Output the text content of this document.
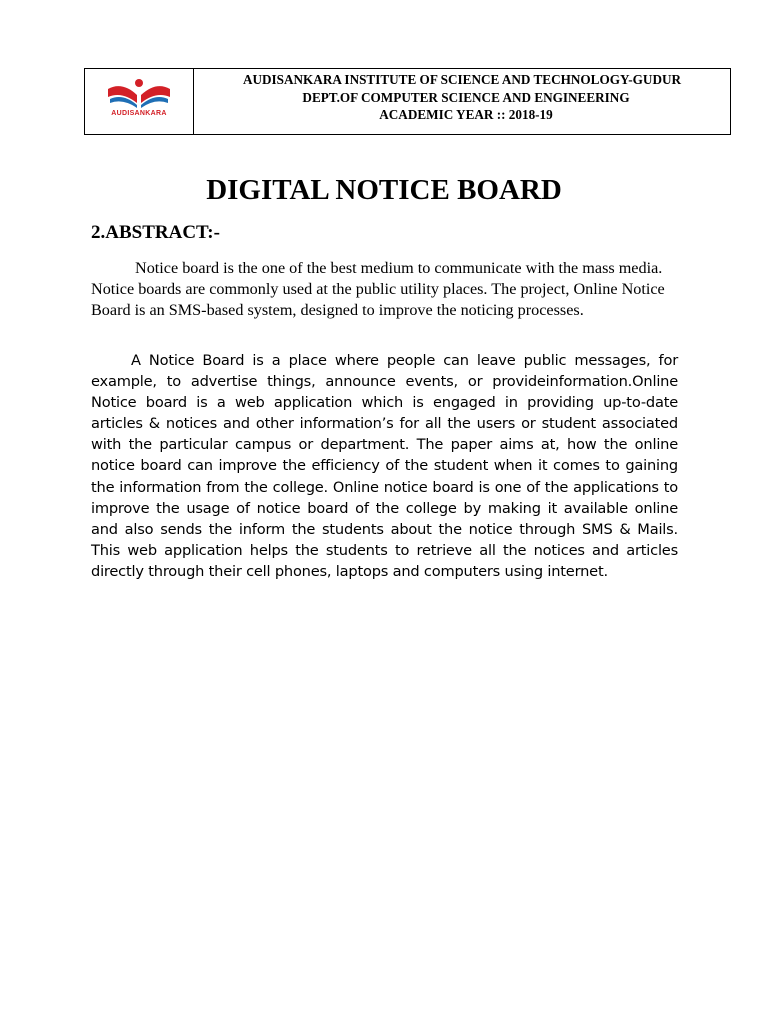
AUDISANKARA
AUDISANKARA INSTITUTE OF SCIENCE AND TECHNOLOGY-GUDUR
DEPT.OF COMPUTER SCIENCE AND ENGINEERING
ACADEMIC YEAR :: 2018-19
DIGITAL NOTICE BOARD
2.ABSTRACT:-

Notice board is the one of the best medium to communicate with the mass media. Notice boards are commonly used at the public utility places. The project, Online Notice Board is an SMS-based system, designed to improve the noticing processes.

A Notice Board is a place where people can leave public messages, for example, to advertise things, announce events, or provideinformation.Online Notice board is a web application which is engaged in providing up-to-date articles & notices and other information’s for all the users or student associated with the particular campus or department. The paper aims at, how the online notice board can improve the efficiency of the student when it comes to gaining the information from the college. Online notice board is one of the applications to improve the usage of notice board of the college by making it available online and also sends the inform the students about the notice through SMS & Mails. This web application helps the students to retrieve all the notices and articles directly through their cell phones, laptops and computers using internet.
